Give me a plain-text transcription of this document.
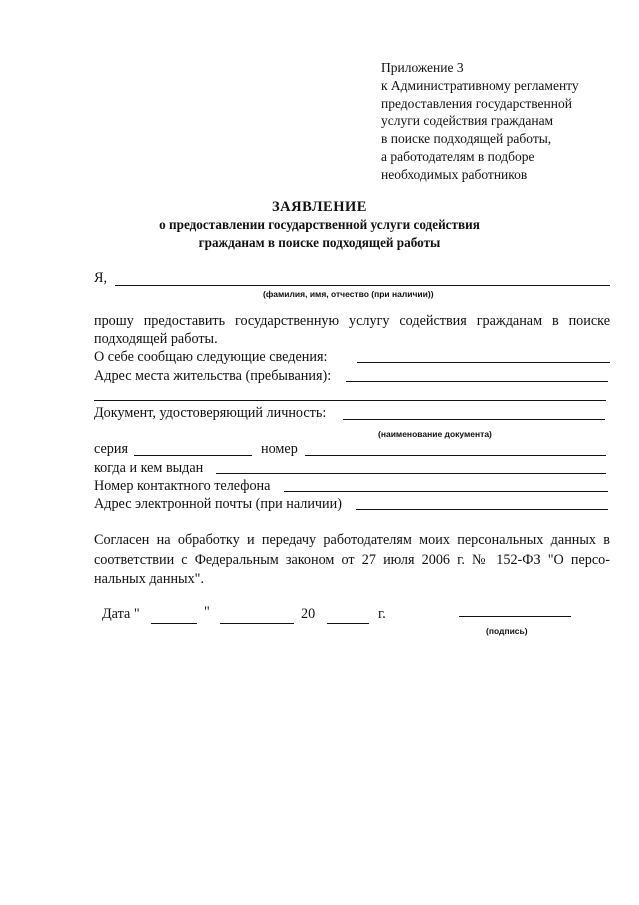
Приложение 3
к Административному регламенту
предоставления государственной
услуги содействия гражданам
в поиске подходящей работы,
а работодателям в подборе
необходимых работников
ЗАЯВЛЕНИЕ
о предоставлении государственной услуги содействия
гражданам в поиске подходящей работы
Я,
(фамилия, имя, отчество (при наличии))
прошу предоставить государственную услугу содействия гражданам в поиске
подходящей работы.
О себе сообщаю следующие сведения:
Адрес места жительства (пребывания):
Документ, удостоверяющий личность:
(наименование документа)
серия	номер
когда и кем выдан
Номер контактного телефона
Адрес электронной почты (при наличии)
Согласен на обработку и передачу работодателям моих персональных данных в
соответствии с Федеральным законом от 27 июля 2006 г. № 152-ФЗ "О персо-
нальных данных".
Дата "	"	20	г.
(подпись)
